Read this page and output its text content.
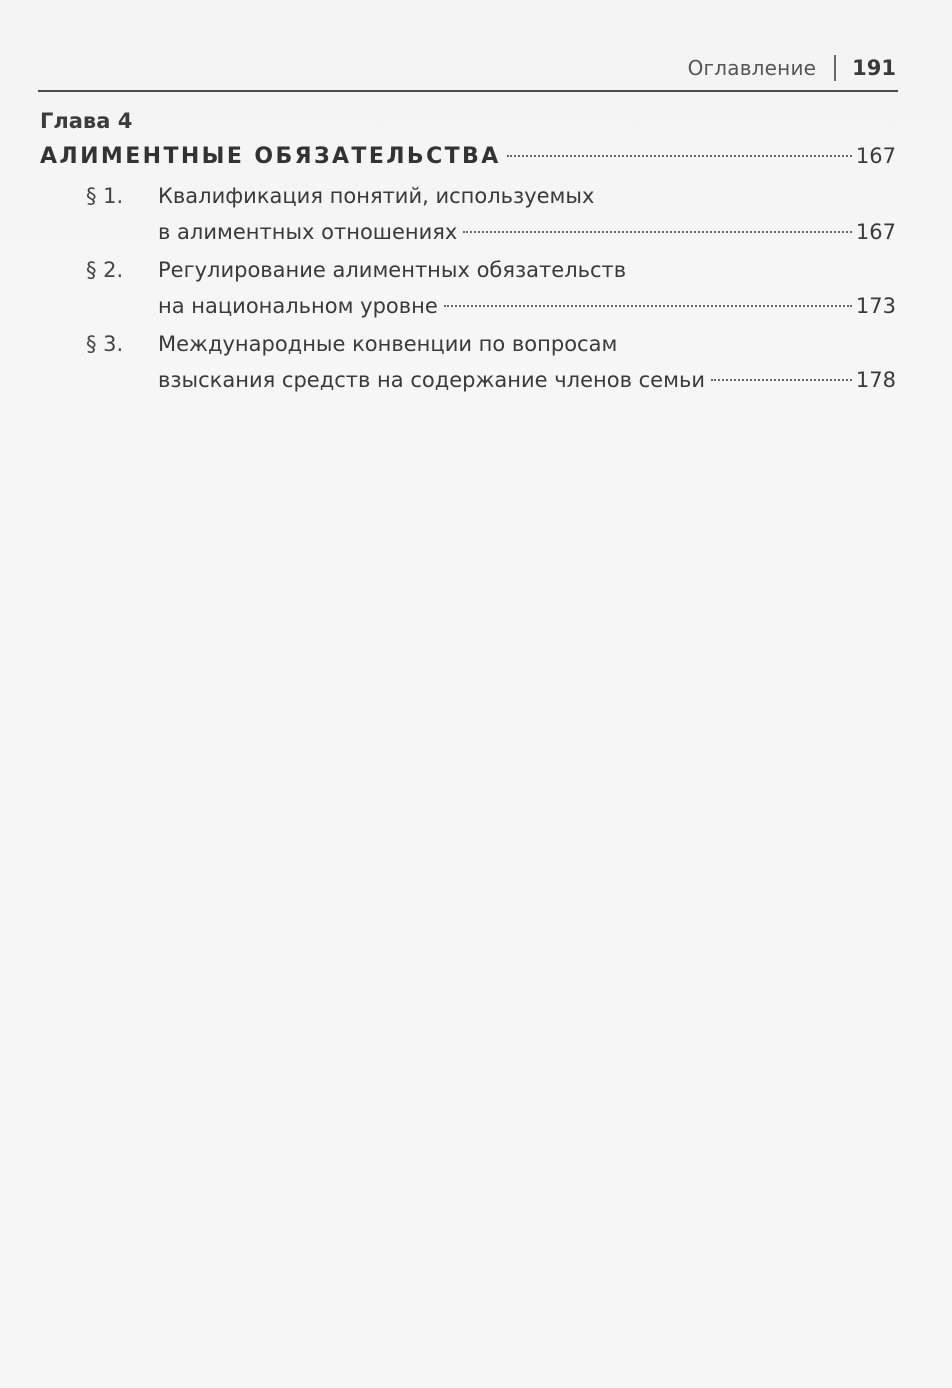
Оглавление 191
Глава 4
АЛИМЕНТНЫЕ ОБЯЗАТЕЛЬСТВА	167
§ 1. Квалификация понятий, используемых
в алиментных отношениях	167
§ 2. Регулирование алиментных обязательств
на национальном уровне	173
§ 3. Международные конвенции по вопросам
взыскания средств на содержание членов семьи	178
